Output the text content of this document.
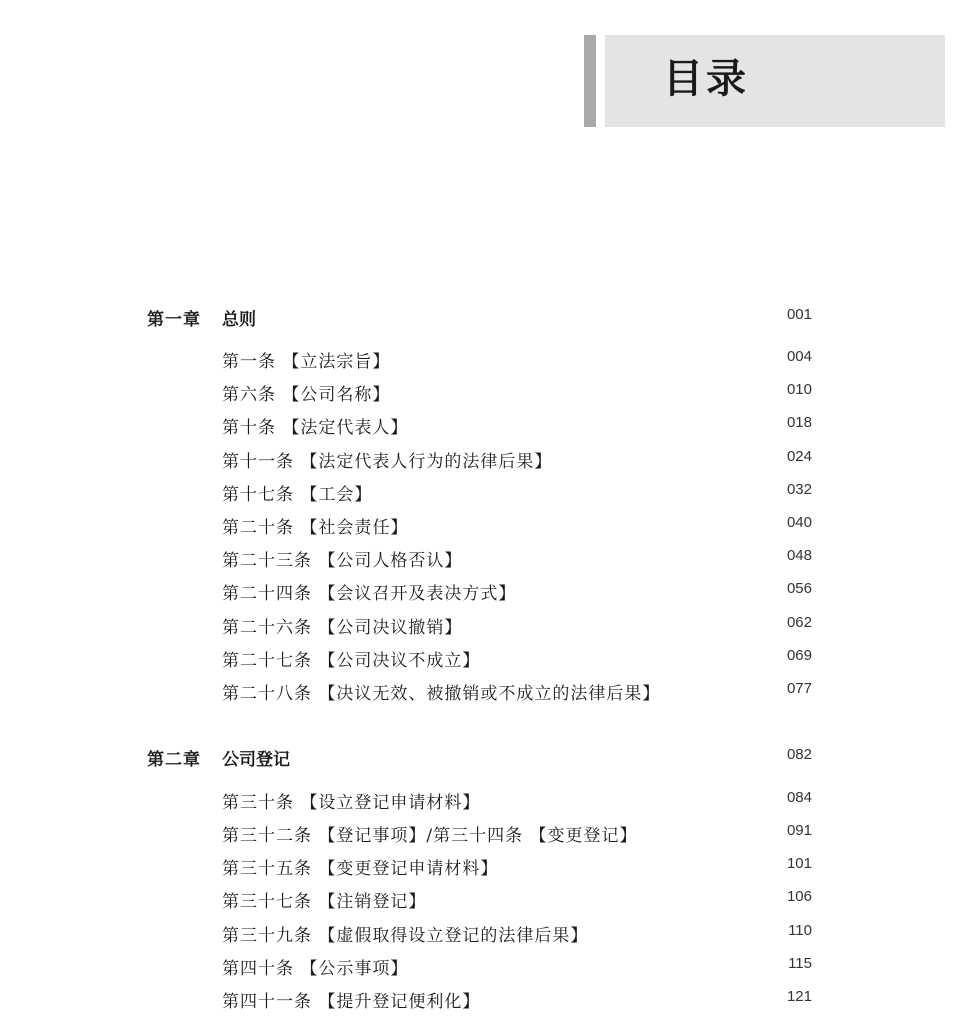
目录
第一章 总则	001
第一条 【立法宗旨】	004
第六条 【公司名称】	010
第十条 【法定代表人】	018
第十一条 【法定代表人行为的法律后果】	024
第十七条 【工会】	032
第二十条 【社会责任】	040
第二十三条 【公司人格否认】	048
第二十四条 【会议召开及表决方式】	056
第二十六条 【公司决议撤销】	062
第二十七条 【公司决议不成立】	069
第二十八条 【决议无效、被撤销或不成立的法律后果】	077
第二章 公司登记	082
第三十条 【设立登记申请材料】	084
第三十二条 【登记事项】/第三十四条 【变更登记】	091
第三十五条 【变更登记申请材料】	101
第三十七条 【注销登记】	106
第三十九条 【虚假取得设立登记的法律后果】	110
第四十条 【公示事项】	115
第四十一条 【提升登记便利化】	121
